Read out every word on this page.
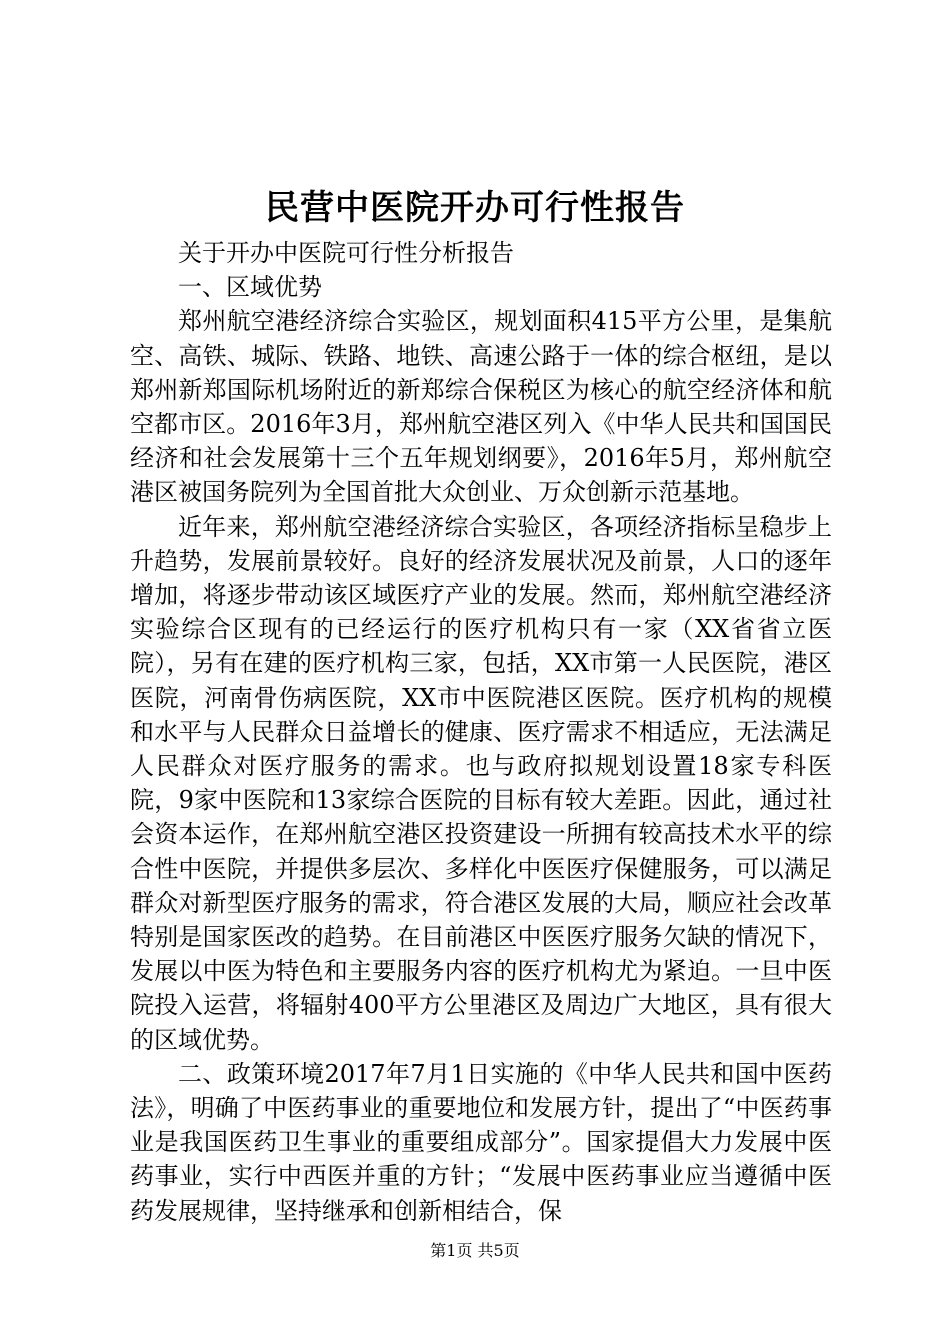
民营中医院开办可行性报告

关于开办中医院可行性分析报告

一、区域优势

郑州航空港经济综合实验区，规划面积415平方公里，是集航空、高铁、城际、铁路、地铁、高速公路于一体的综合枢纽，是以郑州新郑国际机场附近的新郑综合保税区为核心的航空经济体和航空都市区。2016年3月，郑州航空港区列入《中华人民共和国国民经济和社会发展第十三个五年规划纲要》，2016年5月，郑州航空港区被国务院列为全国首批大众创业、万众创新示范基地。

近年来，郑州航空港经济综合实验区，各项经济指标呈稳步上升趋势，发展前景较好。良好的经济发展状况及前景，人口的逐年增加，将逐步带动该区域医疗产业的发展。然而，郑州航空港经济实验综合区现有的已经运行的医疗机构只有一家（XX省省立医院），另有在建的医疗机构三家，包括，XX市第一人民医院，港区医院，河南骨伤病医院，XX市中医院港区医院。医疗机构的规模和水平与人民群众日益增长的健康、医疗需求不相适应，无法满足人民群众对医疗服务的需求。也与政府拟规划设置18家专科医院，9家中医院和13家综合医院的目标有较大差距。因此，通过社会资本运作，在郑州航空港区投资建设一所拥有较高技术水平的综合性中医院，并提供多层次、多样化中医医疗保健服务，可以满足群众对新型医疗服务的需求，符合港区发展的大局，顺应社会改革特别是国家医改的趋势。在目前港区中医医疗服务欠缺的情况下，发展以中医为特色和主要服务内容的医疗机构尤为紧迫。一旦中医院投入运营，将辐射400平方公里港区及周边广大地区，具有很大的区域优势。

二、政策环境2017年7月1日实施的《中华人民共和国中医药法》，明确了中医药事业的重要地位和发展方针，提出了“中医药事业是我国医药卫生事业的重要组成部分”。国家提倡大力发展中医药事业，实行中西医并重的方针；“发展中医药事业应当遵循中医药发展规律，坚持继承和创新相结合，保

第1页 共5页
